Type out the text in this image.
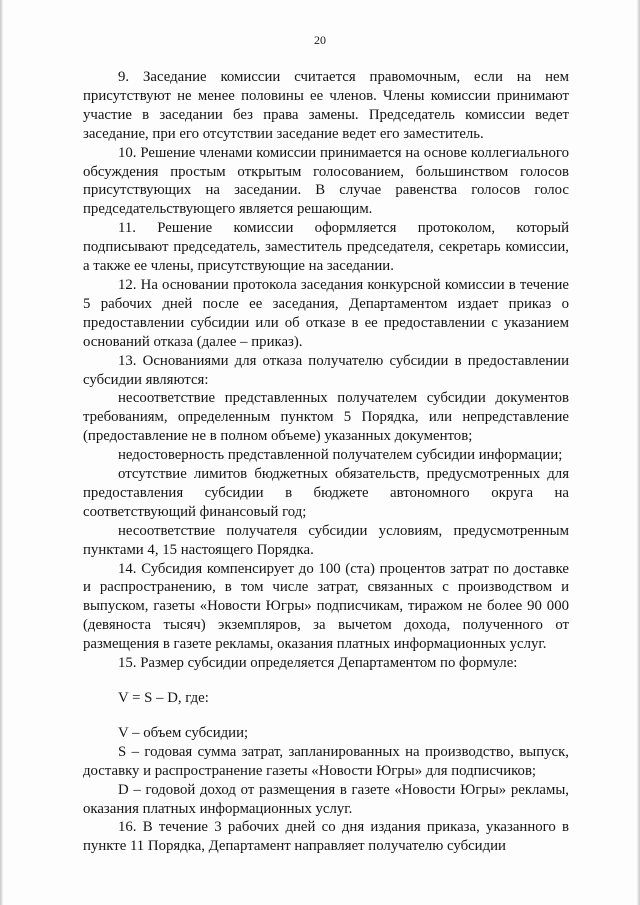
20

9. Заседание комиссии считается правомочным, если на нем присутствуют не менее половины ее членов. Члены комиссии принимают участие в заседании без права замены. Председатель комиссии ведет заседание, при его отсутствии заседание ведет его заместитель.

10. Решение членами комиссии принимается на основе коллегиального обсуждения простым открытым голосованием, большинством голосов присутствующих на заседании. В случае равенства голосов голос председательствующего является решающим.

11. Решение комиссии оформляется протоколом, который подписывают председатель, заместитель председателя, секретарь комиссии, а также ее члены, присутствующие на заседании.

12. На основании протокола заседания конкурсной комиссии в течение 5 рабочих дней после ее заседания, Департаментом издает приказ о предоставлении субсидии или об отказе в ее предоставлении с указанием оснований отказа (далее – приказ).

13. Основаниями для отказа получателю субсидии в предоставлении субсидии являются:

несоответствие представленных получателем субсидии документов требованиям, определенным пунктом 5 Порядка, или непредставление (предоставление не в полном объеме) указанных документов;

недостоверность представленной получателем субсидии информации;

отсутствие лимитов бюджетных обязательств, предусмотренных для предоставления субсидии в бюджете автономного округа на соответствующий финансовый год;

несоответствие получателя субсидии условиям, предусмотренным пунктами 4, 15 настоящего Порядка.

14. Субсидия компенсирует до 100 (ста) процентов затрат по доставке и распространению, в том числе затрат, связанных с производством и выпуском, газеты «Новости Югры» подписчикам, тиражом не более 90 000 (девяноста тысяч) экземпляров, за вычетом дохода, полученного от размещения в газете рекламы, оказания платных информационных услуг.

15. Размер субсидии определяется Департаментом по формуле:

V = S – D, где:

V – объем субсидии;

S – годовая сумма затрат, запланированных на производство, выпуск, доставку и распространение газеты «Новости Югры» для подписчиков;

D – годовой доход от размещения в газете «Новости Югры» рекламы, оказания платных информационных услуг.

16. В течение 3 рабочих дней со дня издания приказа, указанного в пункте 11 Порядка, Департамент направляет получателю субсидии
